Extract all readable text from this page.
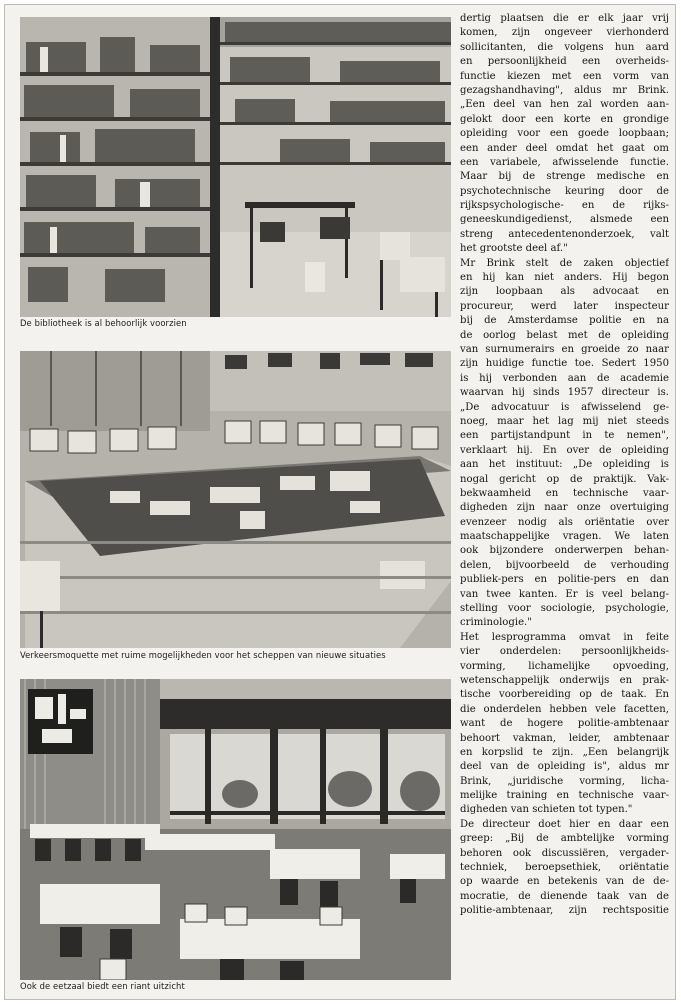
De bibliotheek is al behoorlijk voorzien
Verkeersmoquette met ruime mogelijkheden voor het scheppen van nieuwe situaties
Ook de eetzaal biedt een riant uitzicht
dertig plaatsen die er elk jaar vrij
komen, zijn ongeveer vierhonderd
sollicitanten, die volgens hun aard
en persoonlijkheid een overheids-
functie kiezen met een vorm van
gezagshandhaving", aldus mr Brink.
„Een deel van hen zal worden aan-
gelokt door een korte en grondige
opleiding voor een goede loopbaan;
een ander deel omdat het gaat om
een variabele, afwisselende functie.
Maar bij de strenge medische en
psychotechnische keuring door de
rijkspsychologische- en de rijks-
geneeskundigedienst, alsmede een
streng antecedentenonderzoek, valt
het grootste deel af."
Mr Brink stelt de zaken objectief
en hij kan niet anders. Hij begon
zijn loopbaan als advocaat en
procureur, werd later inspecteur
bij de Amsterdamse politie en na
de oorlog belast met de opleiding
van surnumerairs en groeide zo naar
zijn huidige functie toe. Sedert 1950
is hij verbonden aan de academie
waarvan hij sinds 1957 directeur is.
„De advocatuur is afwisselend ge-
noeg, maar het lag mij niet steeds
een partijstandpunt in te nemen",
verklaart hij. En over de opleiding
aan het instituut: „De opleiding is
nogal gericht op de praktijk. Vak-
bekwaamheid en technische vaar-
digheden zijn naar onze overtuiging
evenzeer nodig als oriëntatie over
maatschappelijke vragen. We laten
ook bijzondere onderwerpen behan-
delen, bijvoorbeeld de verhouding
publiek-pers en politie-pers en dan
van twee kanten. Er is veel belang-
stelling voor sociologie, psychologie,
criminologie."
Het lesprogramma omvat in feite
vier onderdelen: persoonlijkheids-
vorming, lichamelijke opvoeding,
wetenschappelijk onderwijs en prak-
tische voorbereiding op de taak. En
die onderdelen hebben vele facetten,
want de hogere politie-ambtenaar
behoort vakman, leider, ambtenaar
en korpslid te zijn. „Een belangrijk
deel van de opleiding is", aldus mr
Brink, „juridische vorming, licha-
melijke training en technische vaar-
digheden van schieten tot typen."
De directeur doet hier en daar een
greep: „Bij de ambtelijke vorming
behoren ook discussiëren, vergader-
techniek, beroepsethiek, oriëntatie
op waarde en betekenis van de de-
mocratie, de dienende taak van de
politie-ambtenaar, zijn rechtspositie
